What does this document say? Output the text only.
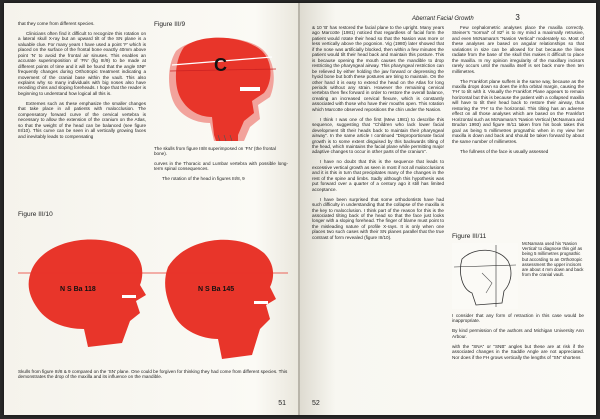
that they come from different species.

Clinicians often find it difficult to recognize this rotation on a lateral skull X-ray but an upward tilt of the SN plane is a valuable clue. For many years I have used a point ‘F’ which is placed on the surface of the frontal bone exactly 40mm above point ‘N’ to avoid the frontal air sinuses. This enables an accurate superimposition of ‘FN’ (fig III/9) to be made at different points of time and it will be found that the angle SNF frequently changes during Orthotropic treatment indicating a movement of the cranial base within the vault. This also explains why so many individuals with big noses also have receding chins and sloping foreheads. I hope that the reader is beginning to understand how logical all this is.

Extremes such as these emphasize the smaller changes that take place in all patients with malocclusion. The compensatory forward curve of the cervical vertebra is necessary to allow the extension of the cranium on the Atlas, so that the weight of the head can be balanced (see figure III/10). This curve can be seen in all vertically growing faces and inevitably leads to compensating

Figure III/9
C
The skulls from figure III/8 superimposed on ‘FN’ (the frontal bone).

curves in the Thoracic and Lumbar vertebra with possible long-term spinal consequences.

The rotation of the head in figures III/8, 9

Figure III/10
N S Ba 118	N S Ba 145
Skulls from figure III/8 & 9 compared on the ‘SN’ plane. One could be forgiven for thinking they had come from different species. This demonstrates the drop of the maxilla and its influence on the mandible.
51
Aberrant Facial Growth	3

& 10 ‘B’ has restored the facial plane to the upright. Many years ago Marcotte (1981) noticed that regardless of facial form the patient would rotate their head so that the Nasion was more or less vertically above the pogonion. Vig (1980) later showed that if the nose was artificially blocked, then within a few minutes the patient would tilt their head back and maintain this posture. This is because opening the mouth causes the mandible to drop restricting the pharyngeal airway. This pharyngeal restriction can be relieved by either holding the jaw forward or depressing the hyoid bone but both these postures are tiring to maintain. On the other hand it is easy to extend the head on the Atlas for long periods without any strain. However the remaining cervical vertebra then flex forward in order to restore the overall balance, creating an increased cervical flexure, which is constantly associated with those who have their mouths open. This rotation which Marcotte observed repositions the chin under the Nasion.

I think I was one of the first (Mew 1981) to describe this sequence, suggesting that “Children who lack lower facial development tilt their heads back to maintain their pharyngeal airway”. In the same article I continued “Disproportionate facial growth is to some extent disguised by this backwards tilting of the head, which maintains the facial plane while permitting major adaptive changes to occur in other parts of the cranium”.

I have no doubt that this is the sequence that leads to excessive vertical growth as seen in most if not all malocclusions and it is this in turn that precipitates many of the changes in the rest of the spine and limbs. Sadly although this hypothesis was put forward over a quarter of a century ago it still has limited acceptance.

I have been surprised that some orthodontists have had such difficulty in understanding that the collapse of the maxilla is the key to malocclusion. I think part of the reason for this is the associated tilting back of the head so that the face just looks longer with a sloping forehead. The finger of blame must point to the misleading nature of profile X-rays. It is only when one places two such cases with their SN planes parallel that the true contrast of form revealed (figure III/10).

Few cephalometric analyses place the maxilla correctly. Steiner’s “normal” of 82º is to my mind a maximally retrusive, and even McNamara’s “Nasion Vertical” moderately so. Most of these analyses are based on angular relationships so that variations in size can be allowed for but because the lines radiate from the base of the skull this makes it difficult to place the maxilla. In my opinion irregularity of the maxillary incisors rarely occurs until the maxilla itself is set back more then ten millimetres.

The Frankfort plane suffers in the same way, because as the maxilla drops down so does the infra orbital margin, causing the ‘FH’ to tilt with it. Visually the Frankfort Plane appears to remain horizontal but this is because the patient with a collapsed maxilla will have to tilt their head back to restore their airway, thus restoring the ‘FH’ to the horizontal. This tilting has an adverse effect on all those analyses which are based on the Frankfort Horizontal such as McNamara’s ‘Nasion Vertical (McNamara and Brudon 1993) and figure III/11 taken from his book takes this goal as being 5 millimetres prognathic when in my view her maxilla is down and back and should be taken forward by about the same number of millimetres.

The fullness of the face is usually assessed

Figure III/11
McNamara used his ‘Nasion Vertical’ to diagnose this girl as being 5 millimetres prognathic but according to an Orthotropic assessment the upper incisors are about 4 mm down and back from the cranial vault.

I consider that any form of retraction in this case would be inappropriate.

By kind permission of the authors and Michigan University Ann Arbour.

with the “SNA” or “SNB” angles but these are at risk if the associated changes in the Saddle Angle are not appreciated. Nor does if the FH grows vertically the lengths of “SN” shortens

52
